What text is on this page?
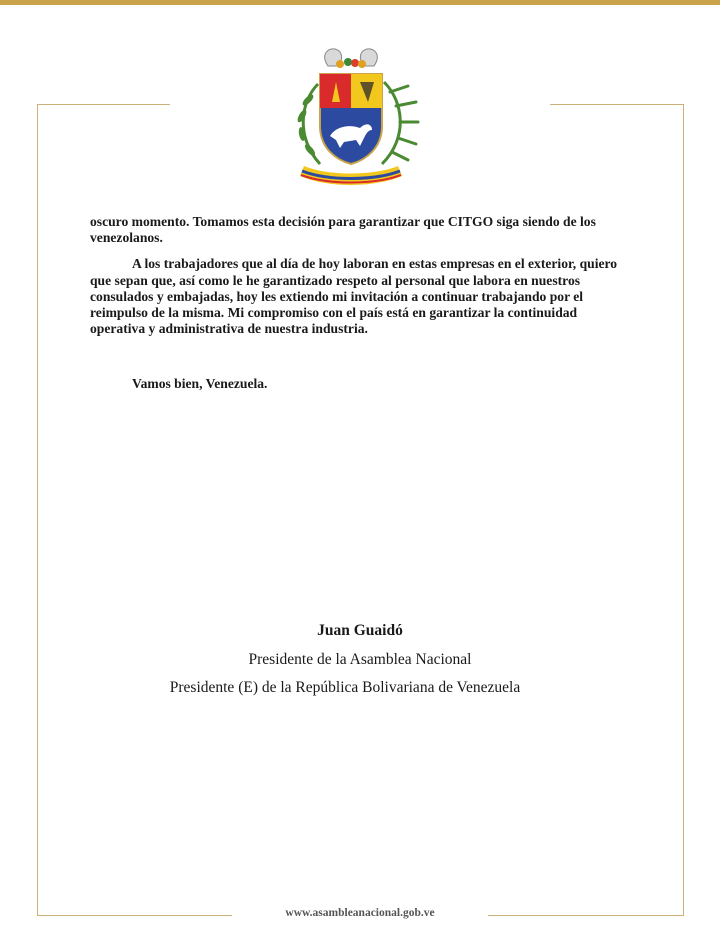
oscuro momento. Tomamos esta decisión para garantizar que CITGO siga siendo de los venezolanos.

A los trabajadores que al día de hoy laboran en estas empresas en el exterior, quiero que sepan que, así como le he garantizado respeto al personal que labora en nuestros consulados y embajadas, hoy les extiendo mi invitación a continuar trabajando por el reimpulso de la misma. Mi compromiso con el país está en garantizar la continuidad operativa y administrativa de nuestra industria.

Vamos bien, Venezuela.
Juan Guaidó
Presidente de la Asamblea Nacional
Presidente (E) de la República Bolivariana de Venezuela
www.asambleanacional.gob.ve
